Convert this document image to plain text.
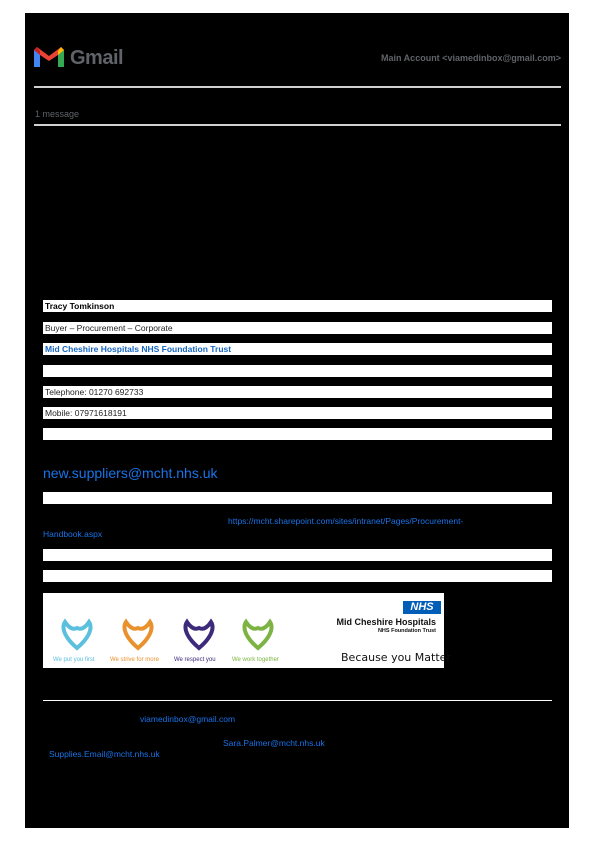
Gmail	Main Account <viamedinbox@gmail.com>
1 message
Tracy Tomkinson
Buyer – Procurement – Corporate
Mid Cheshire Hospitals NHS Foundation Trust
Telephone: 01270 692733
Mobile: 07971618191
new.suppliers@mcht.nhs.uk
https://mcht.sharepoint.com/sites/intranet/Pages/Procurement-
Handbook.aspx
We put you first	We strive for more	We respect you	We work together
NHS
Mid Cheshire Hospitals
NHS Foundation Trust
Because you Matter
viamedinbox@gmail.com
Sara.Palmer@mcht.nhs.uk
Supplies.Email@mcht.nhs.uk
